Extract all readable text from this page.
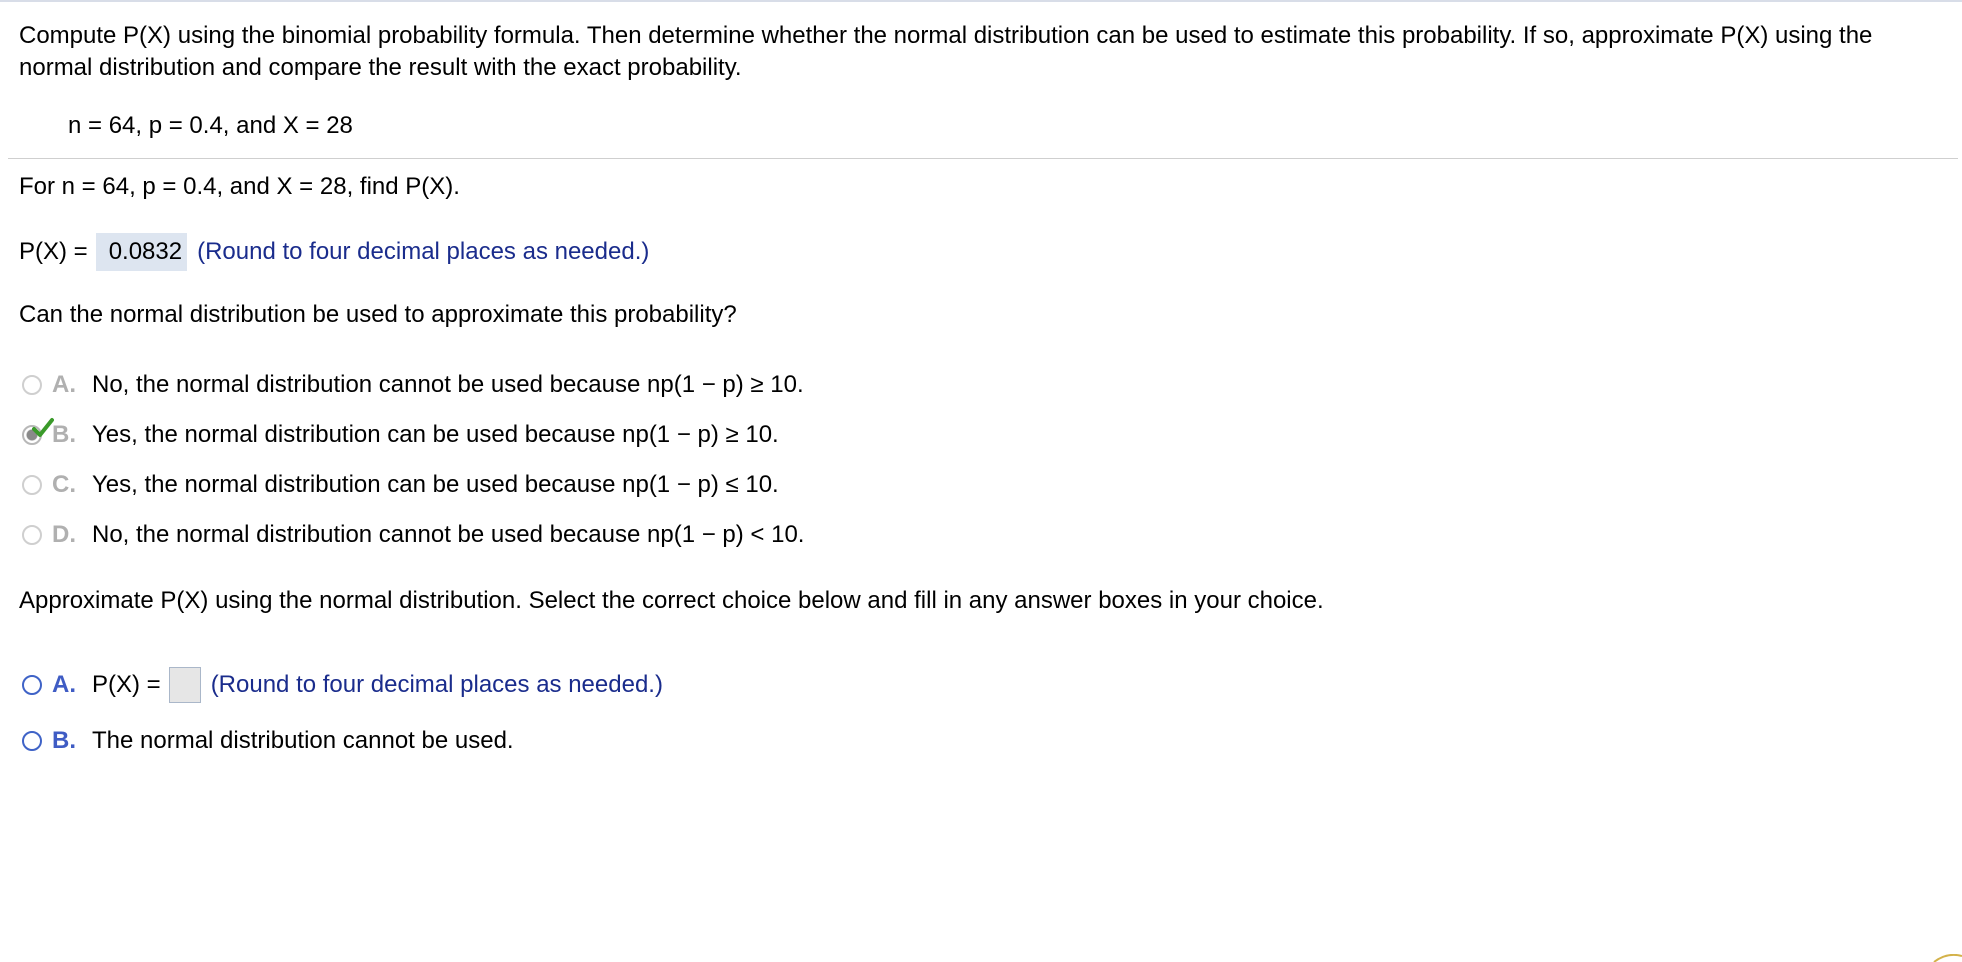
Compute P(X) using the binomial probability formula. Then determine whether the normal distribution can be used to estimate this probability. If so, approximate P(X) using the normal distribution and compare the result with the exact probability.
n = 64, p = 0.4, and X = 28
For n = 64, p = 0.4, and X = 28, find P(X).
P(X) = 0.0832 (Round to four decimal places as needed.)
Can the normal distribution be used to approximate this probability?
A. No, the normal distribution cannot be used because np(1 − p) ≥ 10.
B. Yes, the normal distribution can be used because np(1 − p) ≥ 10.
C. Yes, the normal distribution can be used because np(1 − p) ≤ 10.
D. No, the normal distribution cannot be used because np(1 − p) < 10.
Approximate P(X) using the normal distribution. Select the correct choice below and fill in any answer boxes in your choice.
A. P(X) = (Round to four decimal places as needed.)
B. The normal distribution cannot be used.
